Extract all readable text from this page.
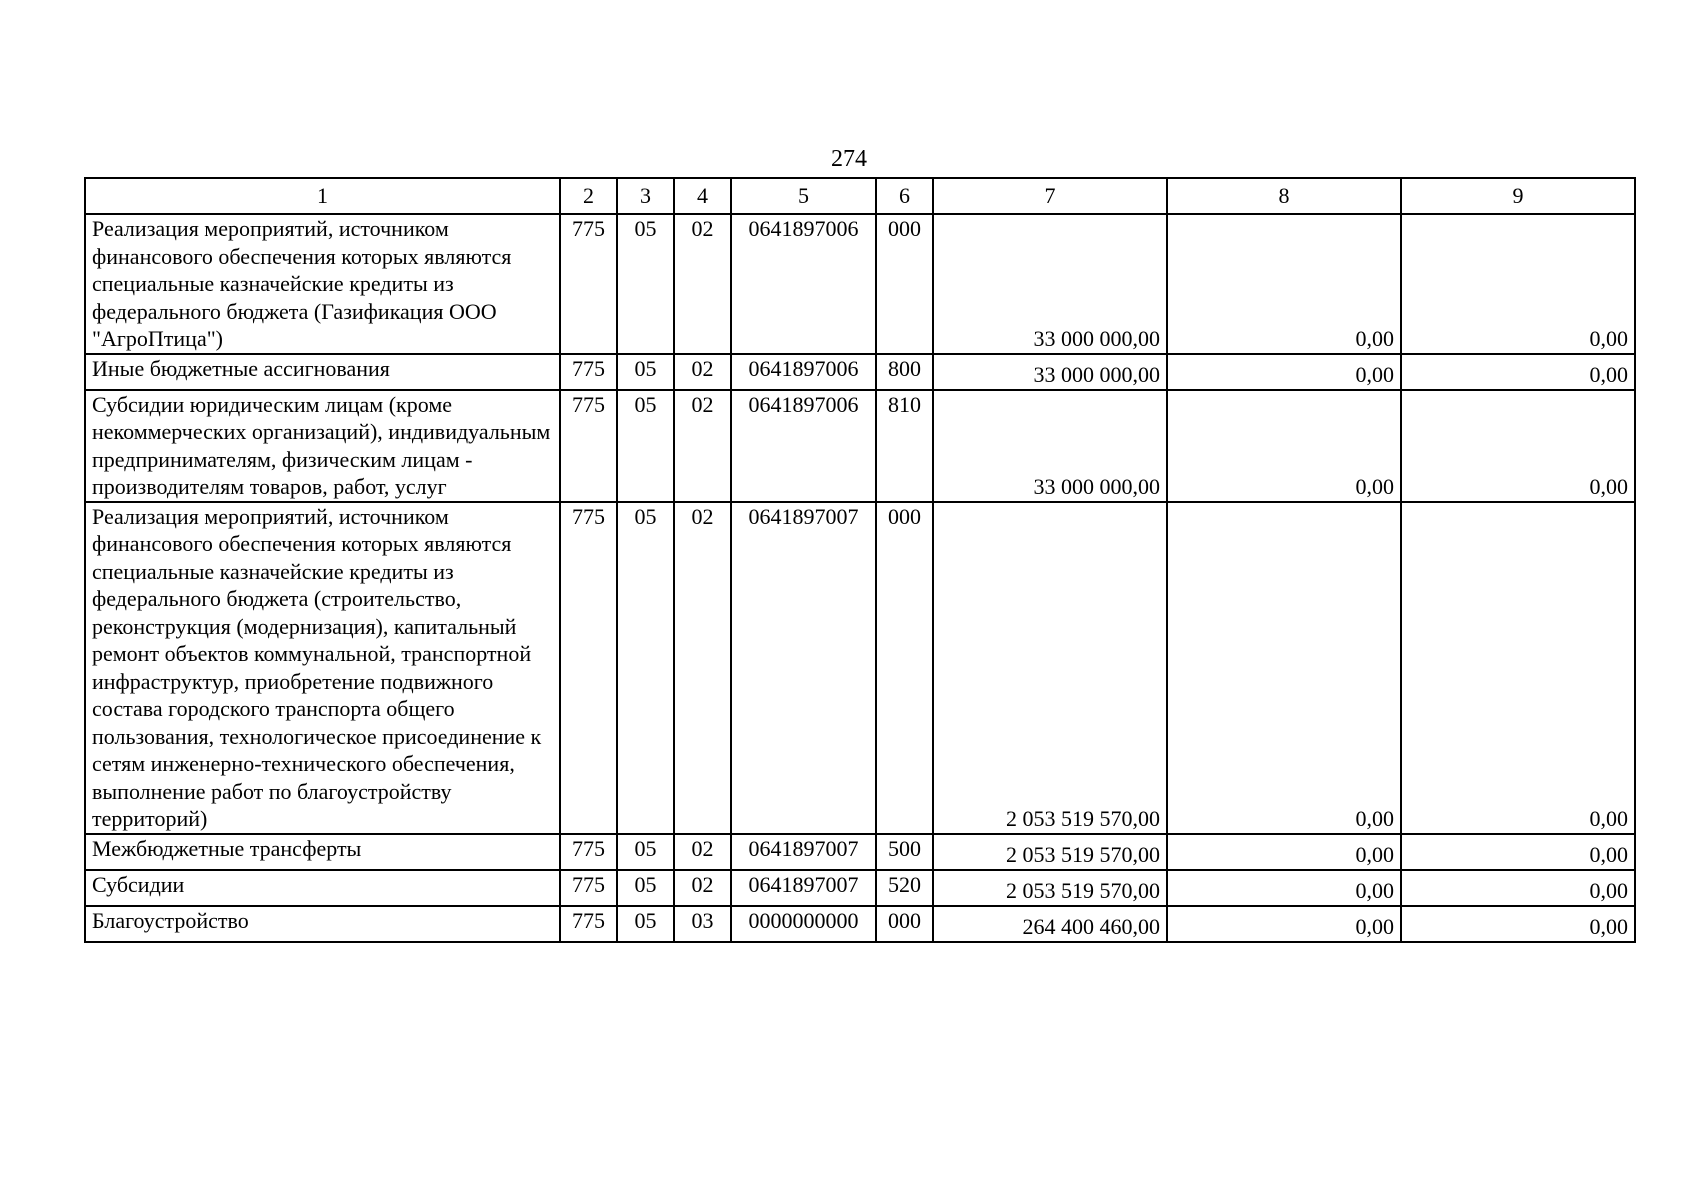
274
1	2	3	4	5	6	7	8	9
Реализация мероприятий, источником финансового обеспечения которых являются специальные казначейские кредиты из федерального бюджета (Газификация ООО "АгроПтица")	775	05	02	0641897006	000	33 000 000,00	0,00	0,00
Иные бюджетные ассигнования	775	05	02	0641897006	800	33 000 000,00	0,00	0,00
Субсидии юридическим лицам (кроме некоммерческих организаций), индивидуальным предпринимателям, физическим лицам - производителям товаров, работ, услуг	775	05	02	0641897006	810	33 000 000,00	0,00	0,00
Реализация мероприятий, источником финансового обеспечения которых являются специальные казначейские кредиты из федерального бюджета (строительство, реконструкция (модернизация), капитальный ремонт объектов коммунальной, транспортной инфраструктур, приобретение подвижного состава городского транспорта общего пользования, технологическое присоединение к сетям инженерно-технического обеспечения, выполнение работ по благоустройству территорий)	775	05	02	0641897007	000	2 053 519 570,00	0,00	0,00
Межбюджетные трансферты	775	05	02	0641897007	500	2 053 519 570,00	0,00	0,00
Субсидии	775	05	02	0641897007	520	2 053 519 570,00	0,00	0,00
Благоустройство	775	05	03	0000000000	000	264 400 460,00	0,00	0,00
